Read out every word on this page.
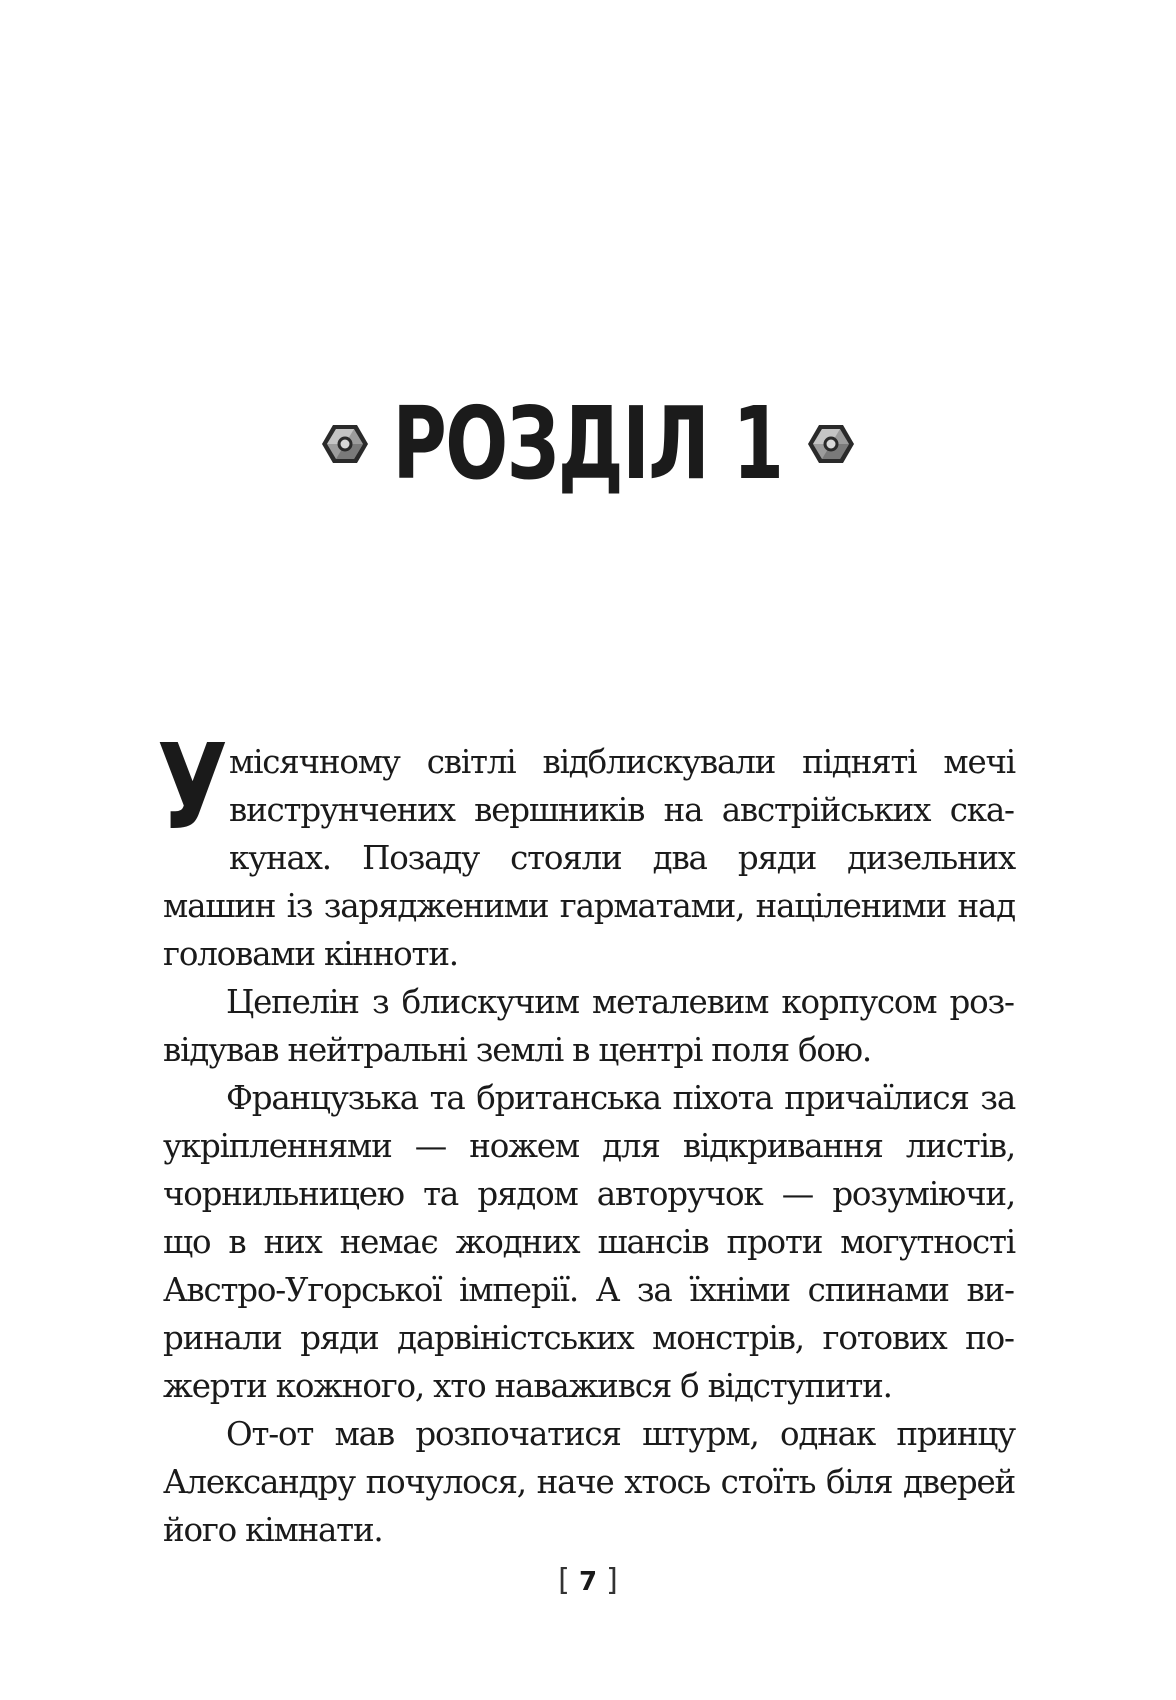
РОЗДІЛ 1

У місячному світлі відблискували підняті мечі виструнчених вершників на австрійських скакунах. Позаду стояли два ряди дизельних машин із зарядженими гарматами, націленими над головами кінноти.

Цепелін з блискучим металевим корпусом розвідував нейтральні землі в центрі поля бою.

Французька та британська піхота причаїлися за укріпленнями — ножем для відкривання листів, чорнильницею та рядом авторучок — розуміючи, що в них немає жодних шансів проти могутності Австро-Угорської імперії. А за їхніми спинами виринали ряди дарвіністських монстрів, готових пожерти кожного, хто наважився б відступити.

От-от мав розпочатися штурм, однак принцу Александру почулося, наче хтось стоїть біля дверей його кімнати.

[ 7 ]
